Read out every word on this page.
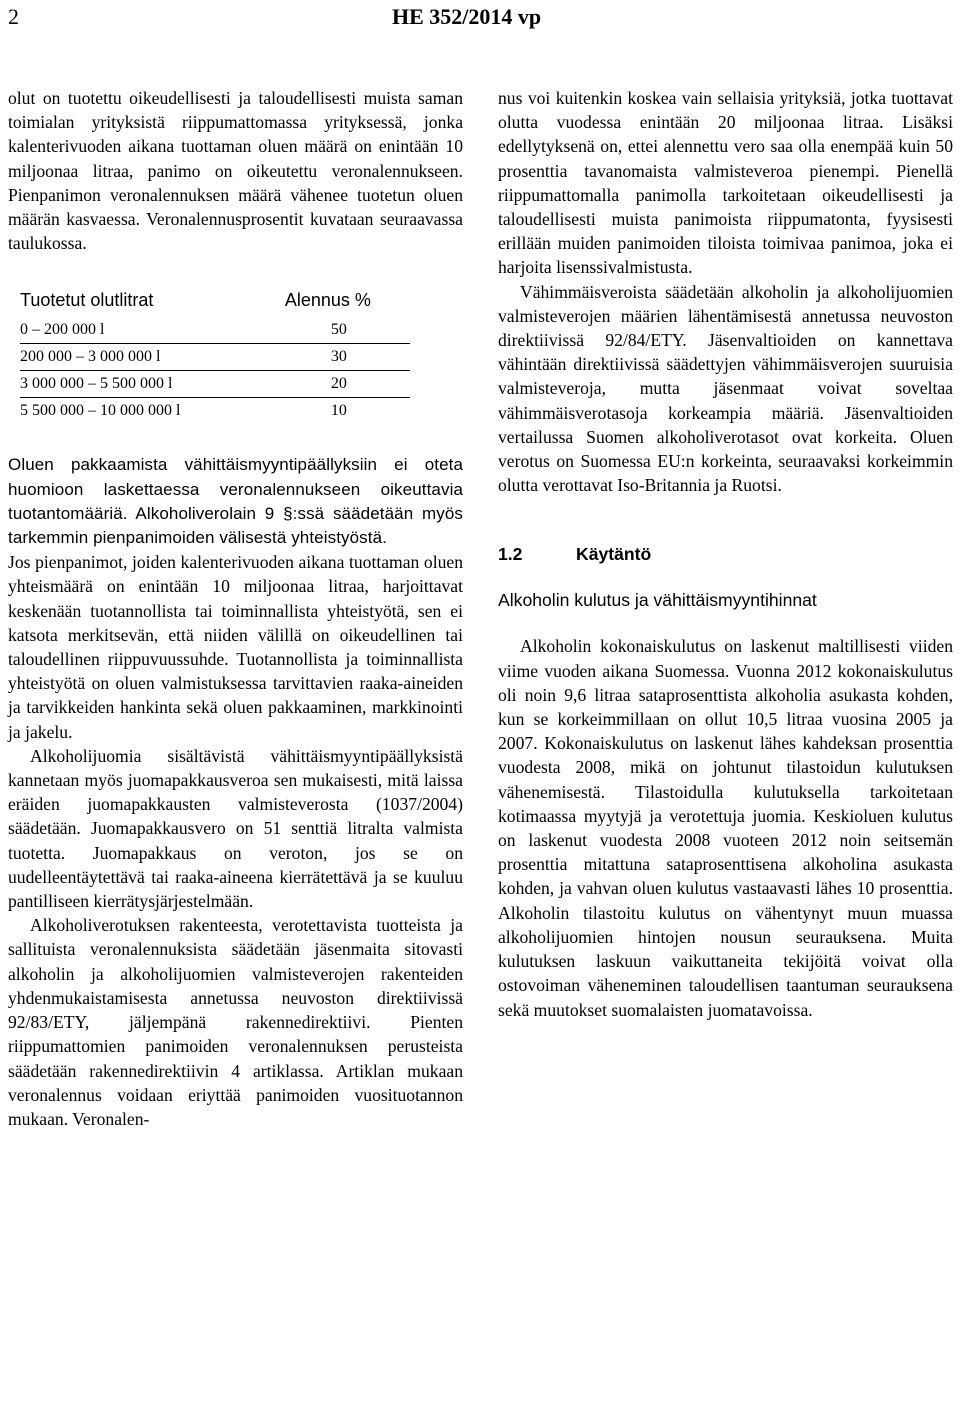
2	HE 352/2014 vp

olut on tuotettu oikeudellisesti ja taloudellisesti muista saman toimialan yrityksistä riippumattomassa yrityksessä, jonka kalenterivuoden aikana tuottaman oluen määrä on enintään 10 miljoonaa litraa, panimo on oikeutettu veronalennukseen. Pienpanimon veronalennuksen määrä vähenee tuotetun oluen määrän kasvaessa. Veronalennusprosentit kuvataan seuraavassa taulukossa.

Tuotetut olutlitrat	Alennus %
0 ‒ 200 000 l	50
200 000 ‒ 3 000 000 l	30
3 000 000 ‒ 5 500 000 l	20
5 500 000 ‒ 10 000 000 l	10

Oluen pakkaamista vähittäismyyntipäällyksiin ei oteta huomioon laskettaessa veronalennukseen oikeuttavia tuotantomääriä. Alkoholiverolain 9 §:ssä säädetään myös tarkemmin pienpanimoiden välisestä yhteistyöstä.

Jos pienpanimot, joiden kalenterivuoden aikana tuottaman oluen yhteismäärä on enintään 10 miljoonaa litraa, harjoittavat keskenään tuotannollista tai toiminnallista yhteistyötä, sen ei katsota merkitsevän, että niiden välillä on oikeudellinen tai taloudellinen riippuvuussuhde. Tuotannollista ja toiminnallista yhteistyötä on oluen valmistuksessa tarvittavien raaka-aineiden ja tarvikkeiden hankinta sekä oluen pakkaaminen, markkinointi ja jakelu.

Alkoholijuomia sisältävistä vähittäismyyntipäällyksistä kannetaan myös juomapakkausveroa sen mukaisesti, mitä laissa eräiden juomapakkausten valmisteverosta (1037/2004) säädetään. Juomapakkausvero on 51 senttiä litralta valmista tuotetta. Juomapakkaus on veroton, jos se on uudelleentäytettävä tai raaka-aineena kierrätettävä ja se kuuluu pantilliseen kierrätysjärjestelmään.

Alkoholiverotuksen rakenteesta, verotettavista tuotteista ja sallituista veronalennuksista säädetään jäsenmaita sitovasti alkoholin ja alkoholijuomien valmisteverojen rakenteiden yhdenmukaistamisesta annetussa neuvoston direktiivissä 92/83/ETY, jäljempänä rakennedirektiivi. Pienten riippumattomien panimoiden veronalennuksen perusteista säädetään rakennedirektiivin 4 artiklassa. Artiklan mukaan veronalennus voidaan eriyttää panimoiden vuosituotannon mukaan. Veronalen-

nus voi kuitenkin koskea vain sellaisia yrityksiä, jotka tuottavat olutta vuodessa enintään 20 miljoonaa litraa. Lisäksi edellytyksenä on, ettei alennettu vero saa olla enempää kuin 50 prosenttia tavanomaista valmisteveroa pienempi. Pienellä riippumattomalla panimolla tarkoitetaan oikeudellisesti ja taloudellisesti muista panimoista riippumatonta, fyysisesti erillään muiden panimoiden tiloista toimivaa panimoa, joka ei harjoita lisenssivalmistusta.

Vähimmäisveroista säädetään alkoholin ja alkoholijuomien valmisteverojen määrien lähentämisestä annetussa neuvoston direktiivissä 92/84/ETY. Jäsenvaltioiden on kannettava vähintään direktiivissä säädettyjen vähimmäisverojen suuruisia valmisteveroja, mutta jäsenmaat voivat soveltaa vähimmäisverotasoja korkeampia määriä. Jäsenvaltioiden vertailussa Suomen alkoholiverotasot ovat korkeita. Oluen verotus on Suomessa EU:n korkeinta, seuraavaksi korkeimmin olutta verottavat Iso-Britannia ja Ruotsi.

1.2	Käytäntö
Alkoholin kulutus ja vähittäismyyntihinnat

Alkoholin kokonaiskulutus on laskenut maltillisesti viiden viime vuoden aikana Suomessa. Vuonna 2012 kokonaiskulutus oli noin 9,6 litraa sataprosenttista alkoholia asukasta kohden, kun se korkeimmillaan on ollut 10,5 litraa vuosina 2005 ja 2007. Kokonaiskulutus on laskenut lähes kahdeksan prosenttia vuodesta 2008, mikä on johtunut tilastoidun kulutuksen vähenemisestä. Tilastoidulla kulutuksella tarkoitetaan kotimaassa myytyjä ja verotettuja juomia. Keskioluen kulutus on laskenut vuodesta 2008 vuoteen 2012 noin seitsemän prosenttia mitattuna sataprosenttisena alkoholina asukasta kohden, ja vahvan oluen kulutus vastaavasti lähes 10 prosenttia. Alkoholin tilastoitu kulutus on vähentynyt muun muassa alkoholijuomien hintojen nousun seurauksena. Muita kulutuksen laskuun vaikuttaneita tekijöitä voivat olla ostovoiman väheneminen taloudellisen taantuman seurauksena sekä muutokset suomalaisten juomatavoissa.
